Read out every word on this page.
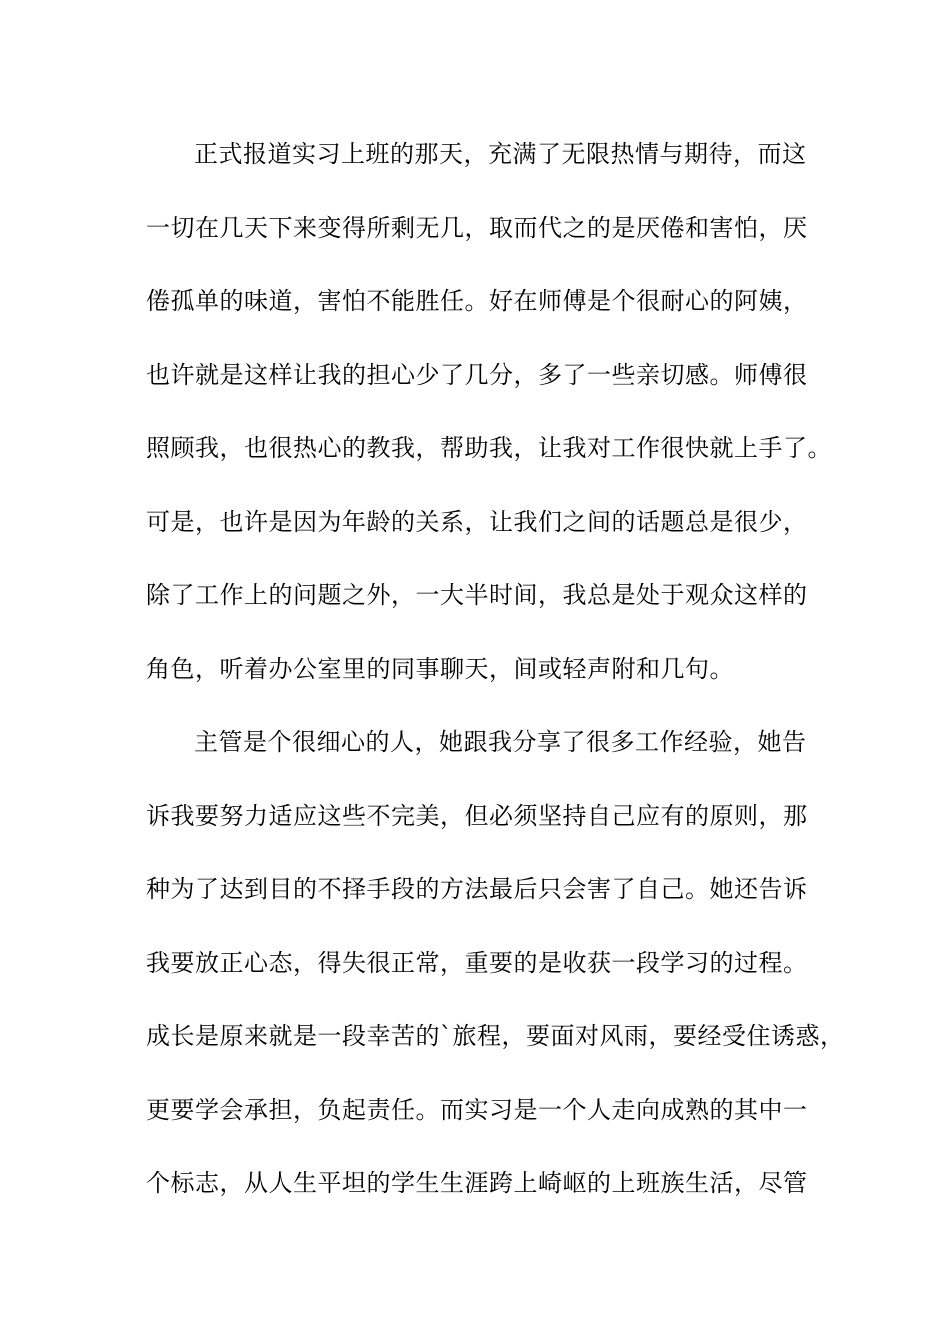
正式报道实习上班的那天，充满了无限热情与期待，而这
一切在几天下来变得所剩无几，取而代之的是厌倦和害怕，厌
倦孤单的味道，害怕不能胜任。好在师傅是个很耐心的阿姨，
也许就是这样让我的担心少了几分，多了一些亲切感。师傅很
照顾我，也很热心的教我，帮助我，让我对工作很快就上手了。
可是，也许是因为年龄的关系，让我们之间的话题总是很少，
除了工作上的问题之外，一大半时间，我总是处于观众这样的
角色，听着办公室里的同事聊天，间或轻声附和几句。
主管是个很细心的人，她跟我分享了很多工作经验，她告
诉我要努力适应这些不完美，但必须坚持自己应有的原则，那
种为了达到目的不择手段的方法最后只会害了自己。她还告诉
我要放正心态，得失很正常，重要的是收获一段学习的过程。
成长是原来就是一段幸苦的`旅程，要面对风雨，要经受住诱惑，
更要学会承担，负起责任。而实习是一个人走向成熟的其中一
个标志，从人生平坦的学生生涯跨上崎岖的上班族生活，尽管
